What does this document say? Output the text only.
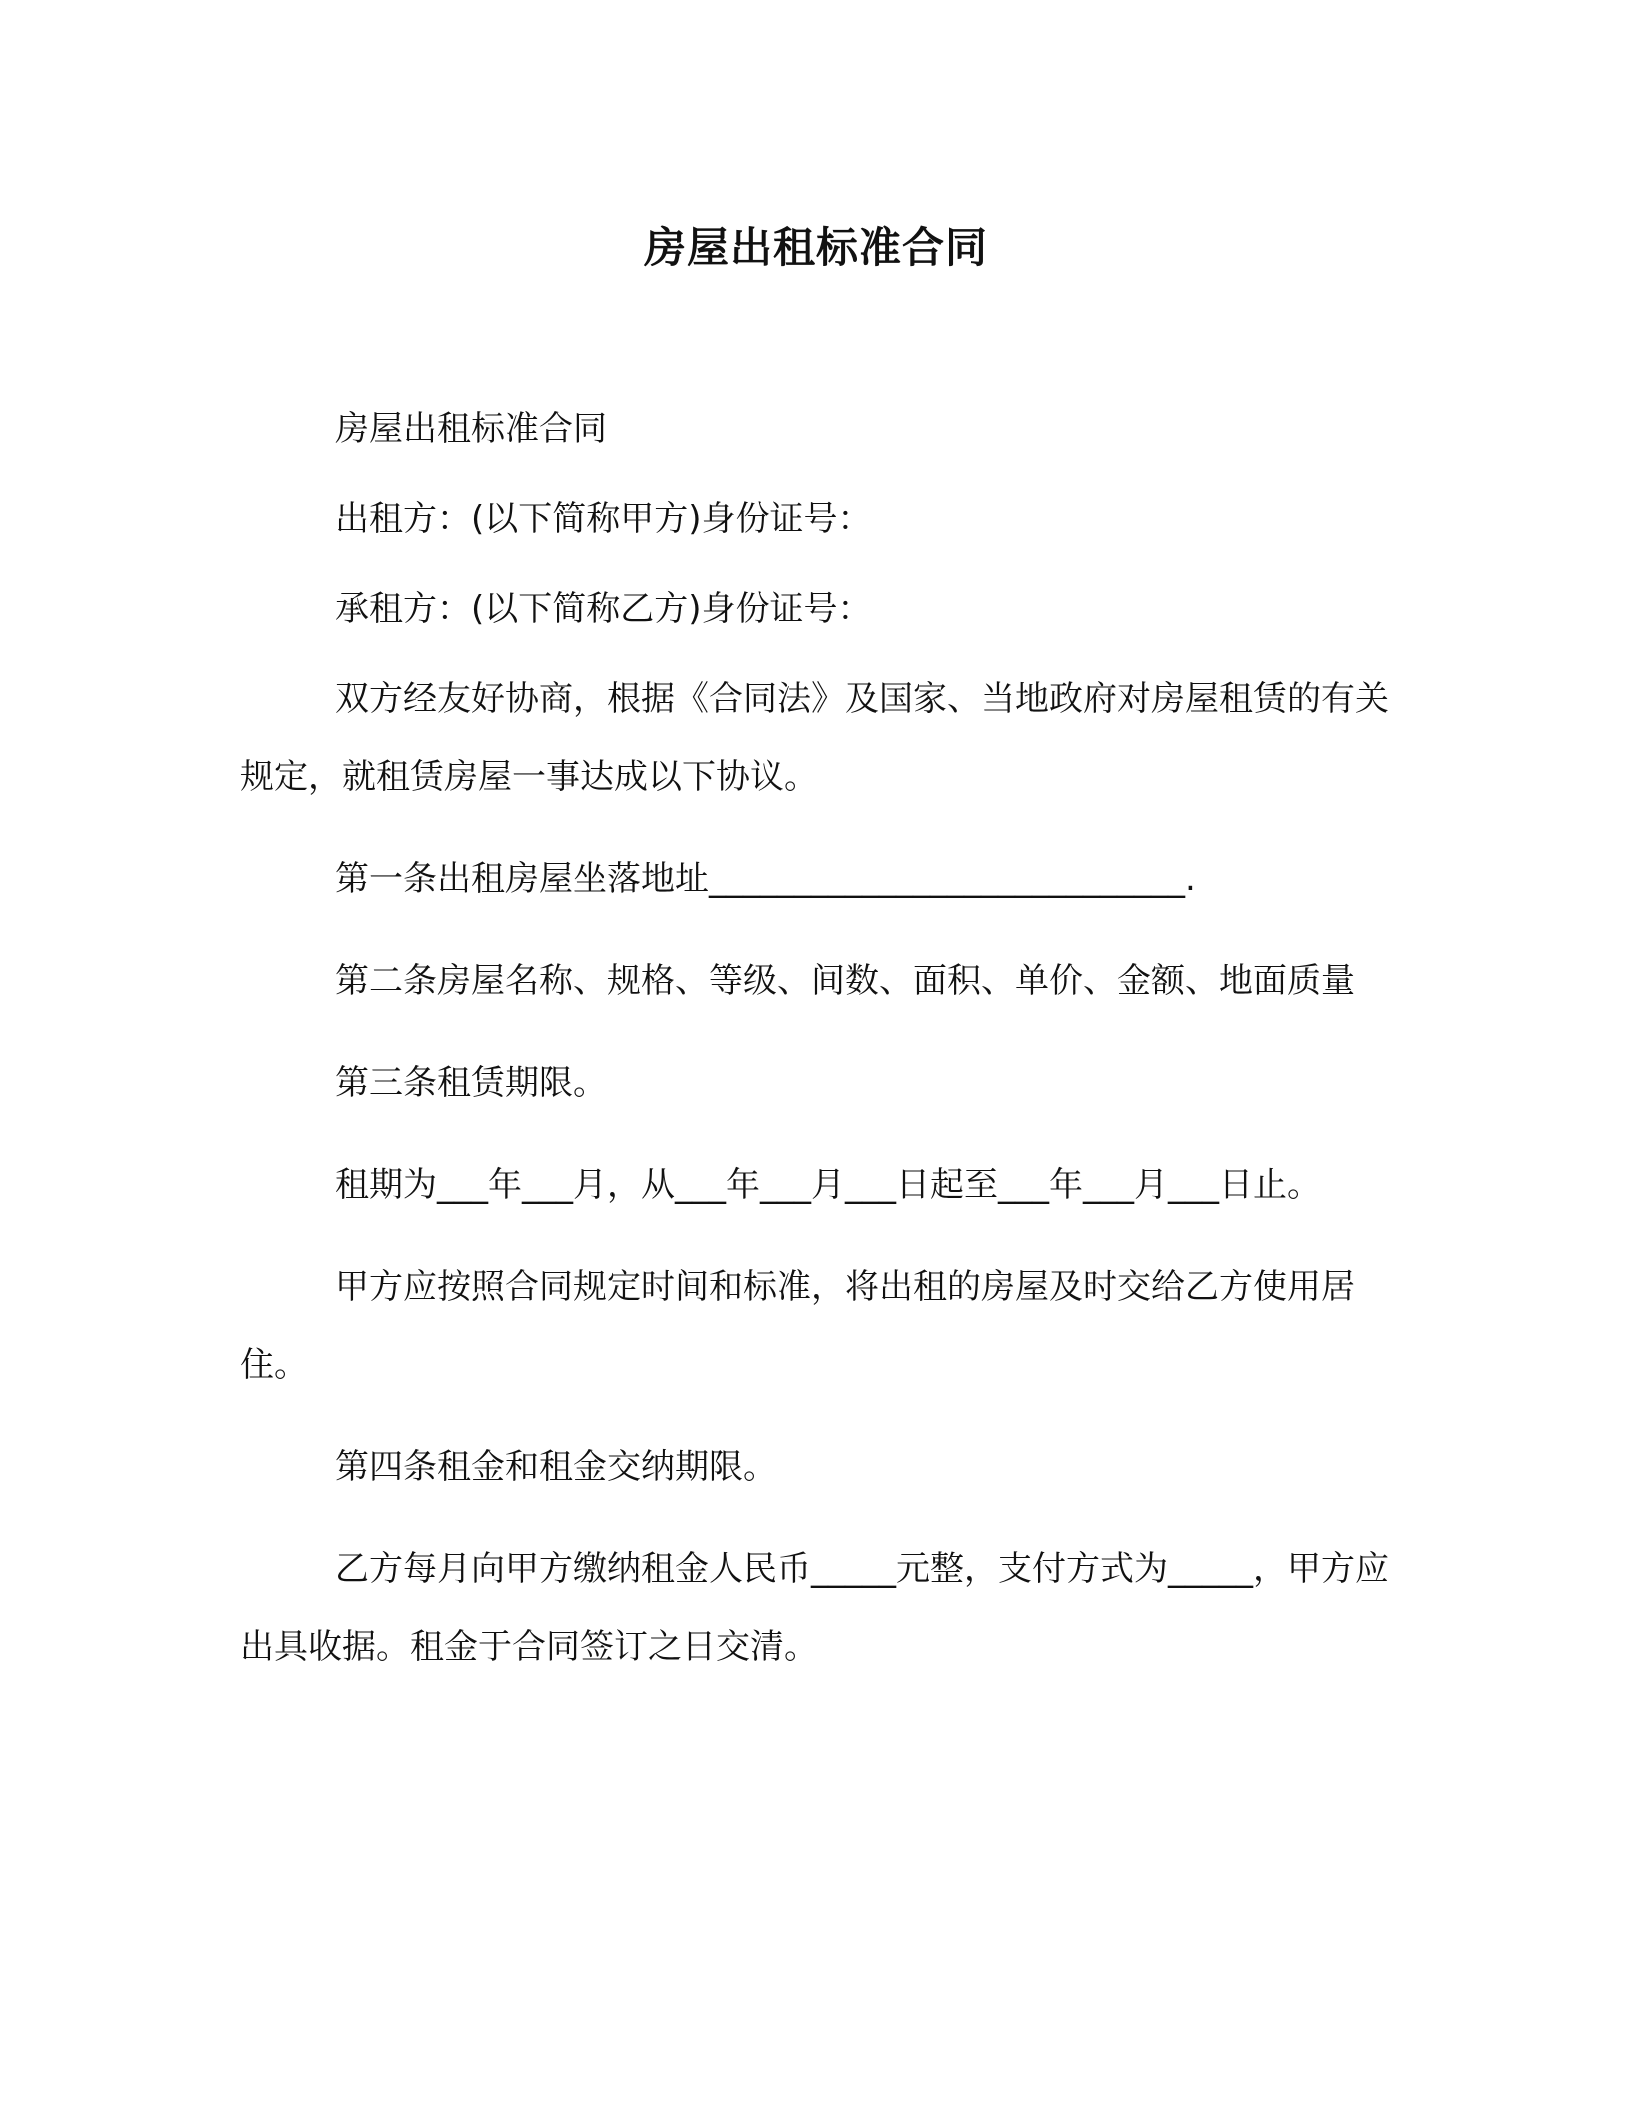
房屋出租标准合同

房屋出租标准合同

出租方：(以下简称甲方)身份证号：

承租方：(以下简称乙方)身份证号：

双方经友好协商，根据《合同法》及国家、当地政府对房屋租赁的有关规定，就租赁房屋一事达成以下协议。

第一条出租房屋坐落地址____________________________.

第二条房屋名称、规格、等级、间数、面积、单价、金额、地面质量

第三条租赁期限。

租期为___年___月，从___年___月___日起至___年___月___日止。

甲方应按照合同规定时间和标准，将出租的房屋及时交给乙方使用居住。

第四条租金和租金交纳期限。

乙方每月向甲方缴纳租金人民币_____元整，支付方式为_____，甲方应出具收据。租金于合同签订之日交清。
